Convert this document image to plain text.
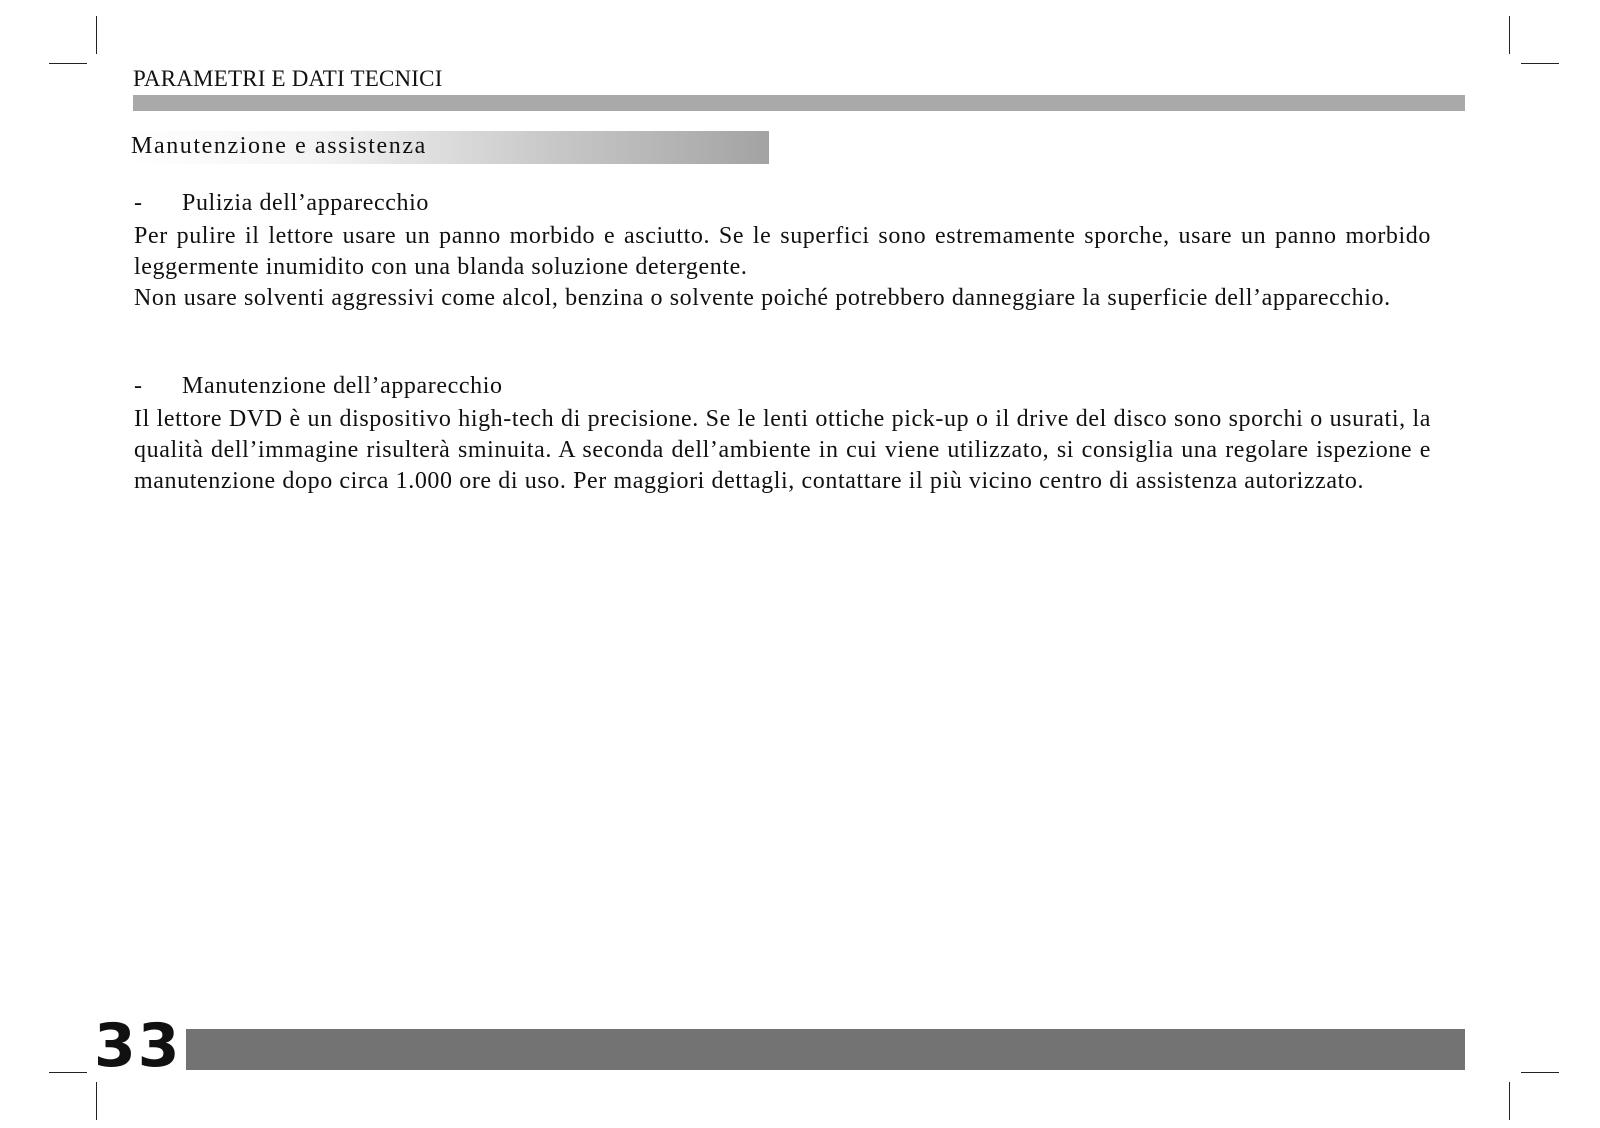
PARAMETRI E DATI TECNICI
Manutenzione e assistenza
- Pulizia dell’apparecchio

Per pulire il lettore usare un panno morbido e asciutto. Se le superfici sono estremamente sporche, usare un panno morbido leggermente inumidito con una blanda soluzione detergente.

Non usare solventi aggressivi come alcol, benzina o solvente poiché potrebbero danneggiare la superficie dell’apparecchio.

- Manutenzione dell’apparecchio

Il lettore DVD è un dispositivo high-tech di precisione. Se le lenti ottiche pick-up o il drive del disco sono sporchi o usurati, la qualità dell’immagine risulterà sminuita. A seconda dell’ambiente in cui viene utilizzato, si consiglia una regolare ispezione e manutenzione dopo circa 1.000 ore di uso. Per maggiori dettagli, contattare il più vicino centro di assistenza autorizzato.

33
